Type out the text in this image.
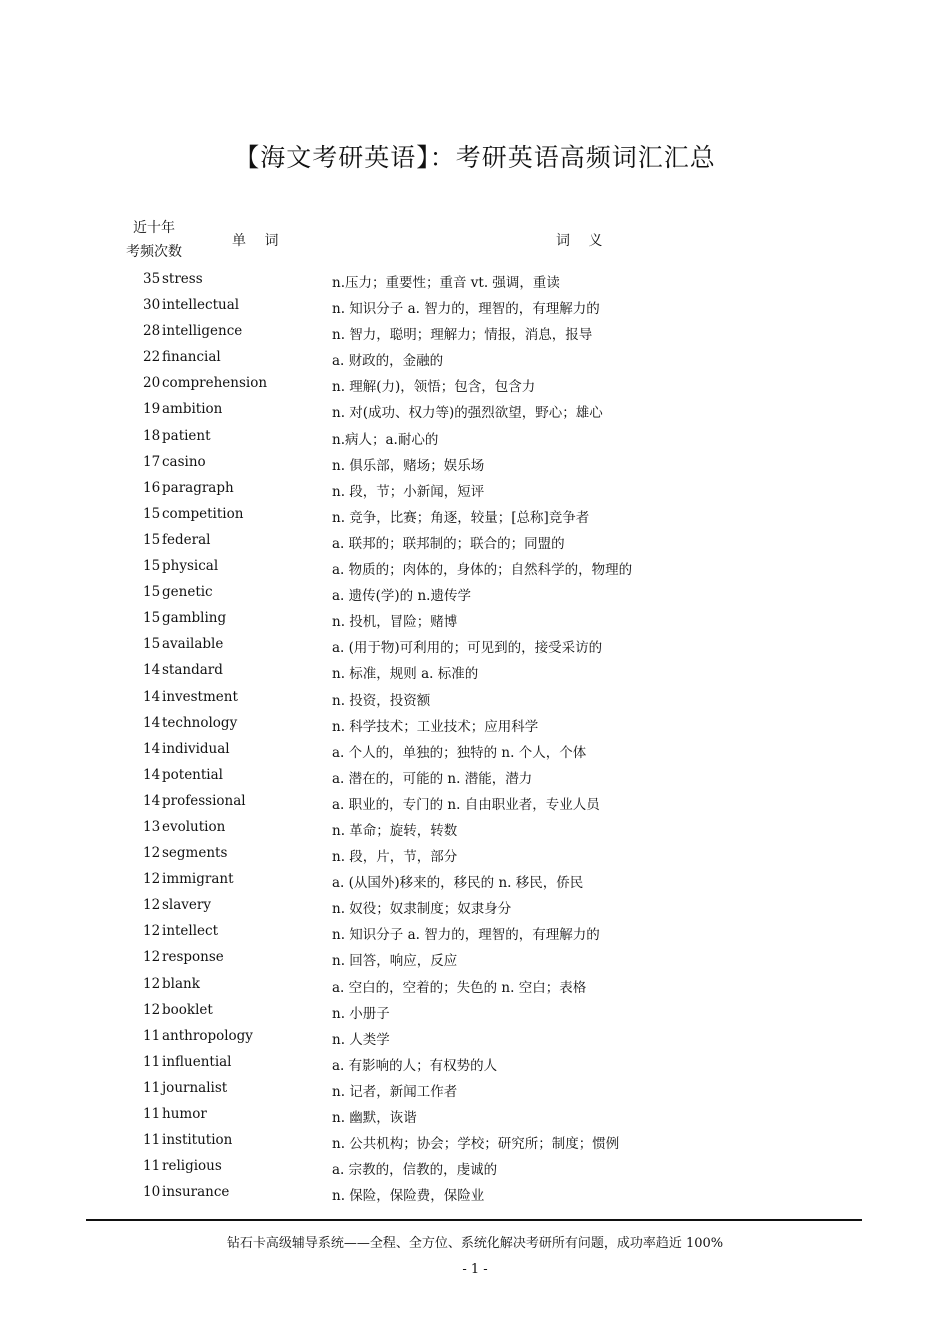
【海文考研英语】：考研英语高频词汇汇总
近十年
考频次数
单 词	词 义
35 stress	n.压力；重要性；重音 vt. 强调，重读
30 intellectual	n. 知识分子 a. 智力的，理智的，有理解力的
28 intelligence	n. 智力，聪明；理解力；情报，消息，报导
22 financial	a. 财政的，金融的
20 comprehension	n. 理解(力)，领悟；包含，包含力
19 ambition	n. 对(成功、权力等)的强烈欲望，野心；雄心
18 patient	n.病人；a.耐心的
17 casino	n. 俱乐部，赌场；娱乐场
16 paragraph	n. 段，节；小新闻，短评
15 competition	n. 竞争，比赛；角逐，较量；[总称]竞争者
15 federal	a. 联邦的；联邦制的；联合的；同盟的
15 physical	a. 物质的；肉体的，身体的；自然科学的，物理的
15 genetic	a. 遗传(学)的 n.遗传学
15 gambling	n. 投机，冒险；赌博
15 available	a. (用于物)可利用的；可见到的，接受采访的
14 standard	n. 标准，规则 a. 标准的
14 investment	n. 投资，投资额
14 technology	n. 科学技术；工业技术；应用科学
14 individual	a. 个人的，单独的；独特的 n. 个人，个体
14 potential	a. 潜在的，可能的 n. 潜能，潜力
14 professional	a. 职业的，专门的 n. 自由职业者，专业人员
13 evolution	n. 革命；旋转，转数
12 segments	n. 段，片，节，部分
12 immigrant	a. (从国外)移来的，移民的 n. 移民，侨民
12 slavery	n. 奴役；奴隶制度；奴隶身分
12 intellect	n. 知识分子 a. 智力的，理智的，有理解力的
12 response	n. 回答，响应，反应
12 blank	a. 空白的，空着的；失色的 n. 空白；表格
12 booklet	n. 小册子
11 anthropology	n. 人类学
11 influential	a. 有影响的人；有权势的人
11 journalist	n. 记者，新闻工作者
11 humor	n. 幽默，诙谐
11 institution	n. 公共机构；协会；学校；研究所；制度；惯例
11 religious	a. 宗教的，信教的，虔诚的
10 insurance	n. 保险，保险费，保险业
钻石卡高级辅导系统——全程、全方位、系统化解决考研所有问题，成功率趋近 100%
- 1 -
